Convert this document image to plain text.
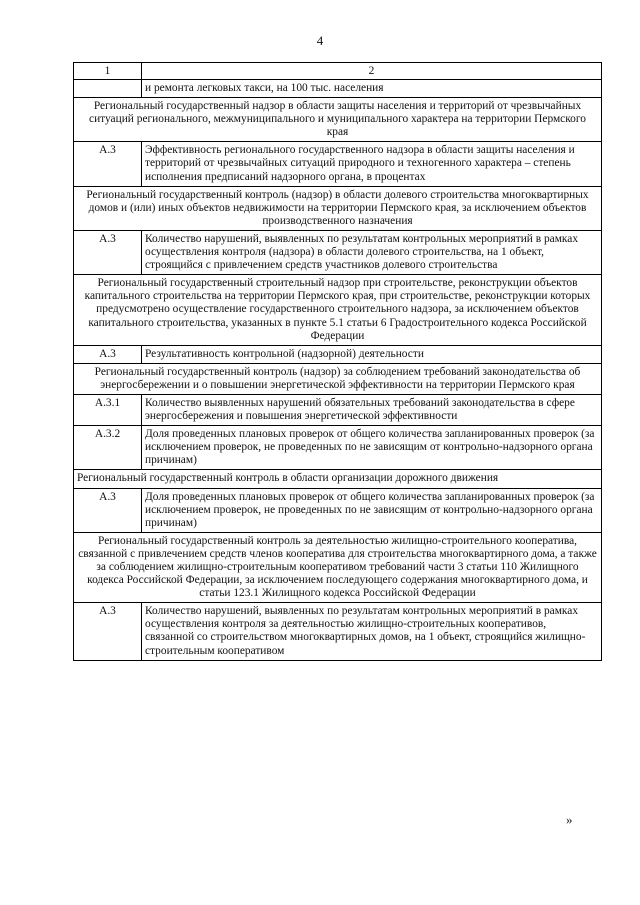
4
1	2
	и ремонта легковых такси, на 100 тыс. населения
Региональный государственный надзор в области защиты населения и территорий от чрезвычайных ситуаций регионального, межмуниципального и муниципального характера на территории Пермского края	
А.3	Эффективность регионального государственного надзора в области защиты населения и территорий от чрезвычайных ситуаций природного и техногенного характера – степень исполнения предписаний надзорного органа, в процентах
Региональный государственный контроль (надзор) в области долевого строительства многоквартирных домов и (или) иных объектов недвижимости на территории Пермского края, за исключением объектов производственного назначения	
А.3	Количество нарушений, выявленных по результатам контрольных мероприятий в рамках осуществления контроля (надзора) в области долевого строительства, на 1 объект, строящийся с привлечением средств участников долевого строительства
Региональный государственный строительный надзор при строительстве, реконструкции объектов капитального строительства на территории Пермского края, при строительстве, реконструкции которых предусмотрено осуществление государственного строительного надзора, за исключением объектов капитального строительства, указанных в пункте 5.1 статьи 6 Градостроительного кодекса Российской Федерации	
А.3	Результативность контрольной (надзорной) деятельности
Региональный государственный контроль (надзор) за соблюдением требований законодательства об энергосбережении и о повышении энергетической эффективности на территории Пермского края	
А.3.1	Количество выявленных нарушений обязательных требований законодательства в сфере энергосбережения и повышения энергетической эффективности
А.3.2	Доля проведенных плановых проверок от общего количества запланированных проверок (за исключением проверок, не проведенных по не зависящим от контрольно-надзорного органа причинам)
Региональный государственный контроль в области организации дорожного движения	
А.3	Доля проведенных плановых проверок от общего количества запланированных проверок (за исключением проверок, не проведенных по не зависящим от контрольно-надзорного органа причинам)
Региональный государственный контроль за деятельностью жилищно-строительного кооператива, связанной с привлечением средств членов кооператива для строительства многоквартирного дома, а также за соблюдением жилищно-строительным кооперативом требований части 3 статьи 110 Жилищного кодекса Российской Федерации, за исключением последующего содержания многоквартирного дома, и статьи 123.1 Жилищного кодекса Российской Федерации	
А.3	Количество нарушений, выявленных по результатам контрольных мероприятий в рамках осуществления контроля за деятельностью жилищно-строительных кооперативов, связанной со строительством многоквартирных домов, на 1 объект, строящийся жилищно-строительным кооперативом
»
